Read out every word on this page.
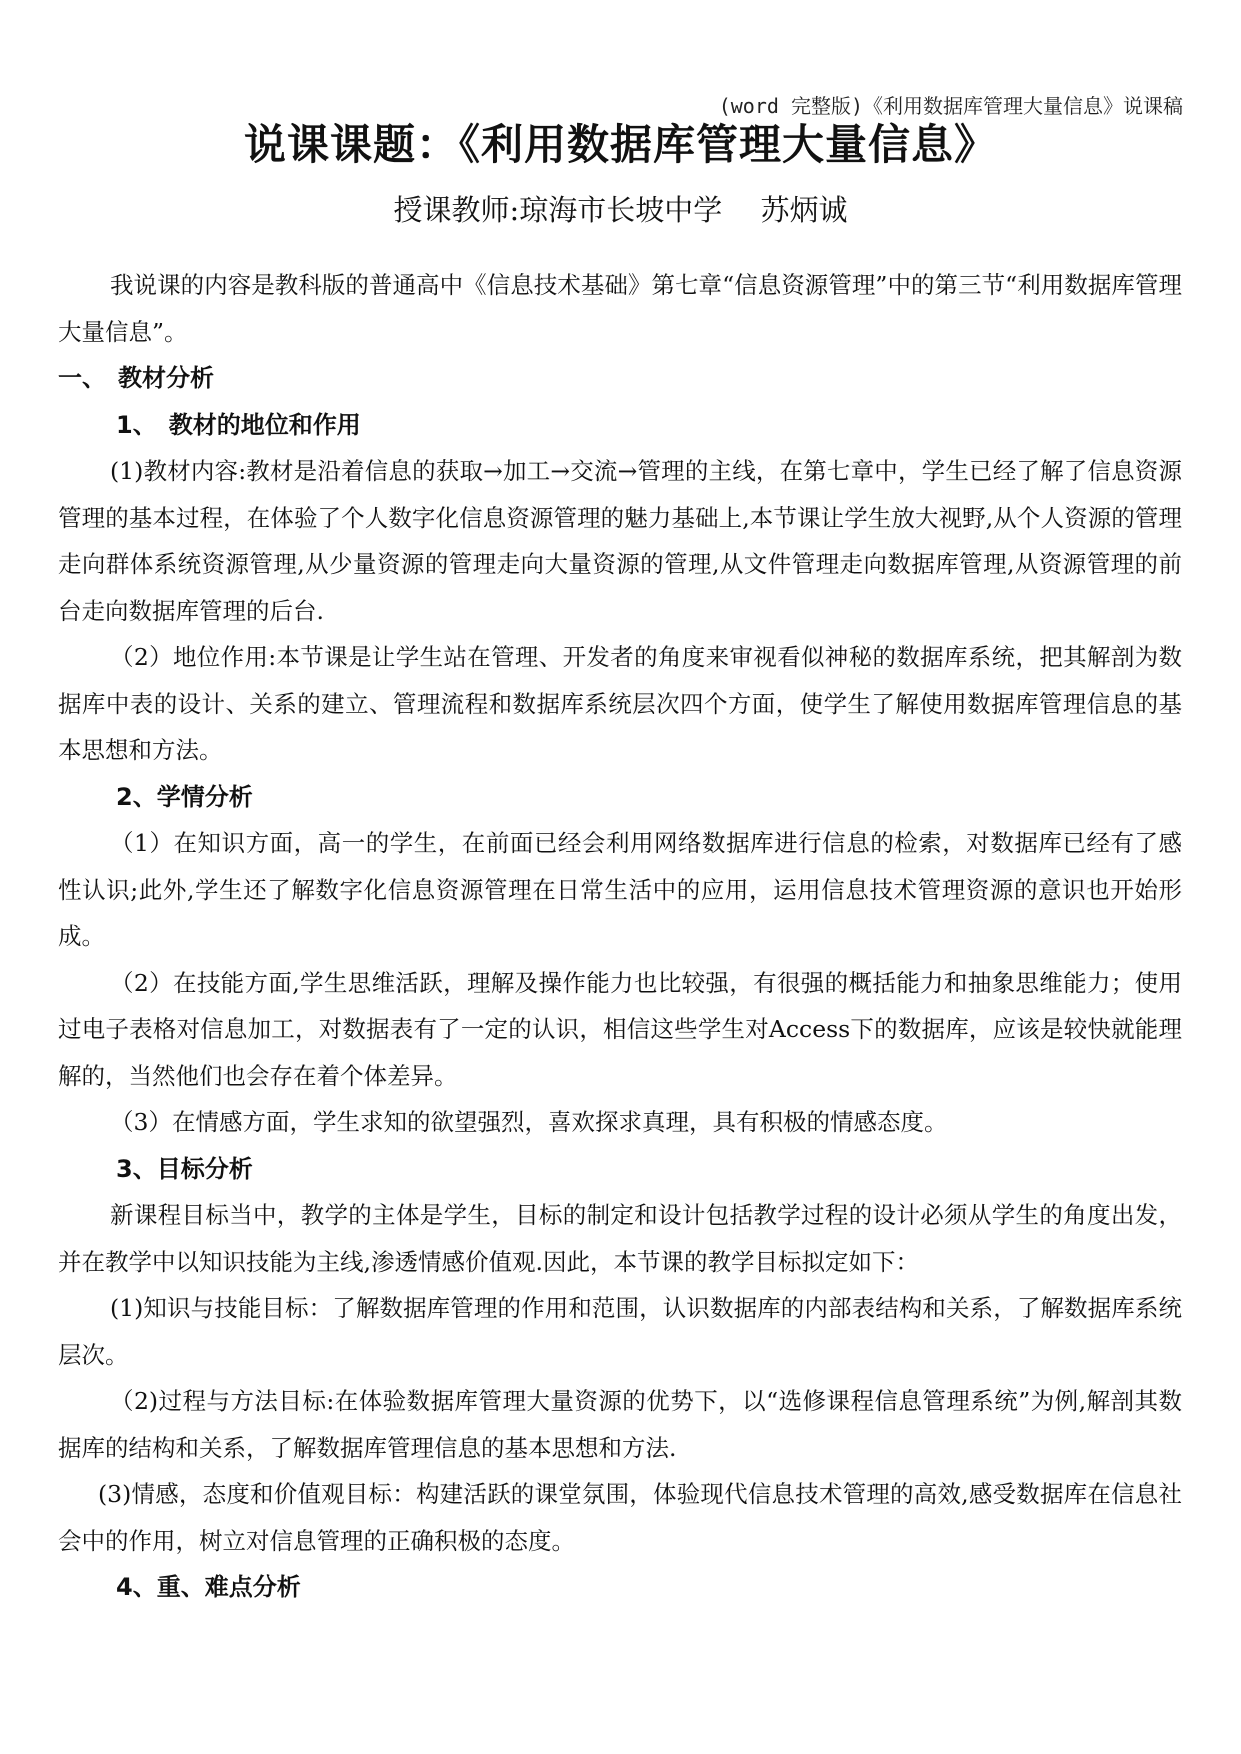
(word 完整版)《利用数据库管理大量信息》说课稿
说课课题：《利用数据库管理大量信息》
授课教师:琼海市长坡中学　 苏炳诚

我说课的内容是教科版的普通高中《信息技术基础》第七章“信息资源管理”中的第三节“利用数据库管理大量信息”。

一、　教材分析
1、　教材的地位和作用

(1)教材内容:教材是沿着信息的获取→加工→交流→管理的主线，在第七章中，学生已经了解了信息资源管理的基本过程，在体验了个人数字化信息资源管理的魅力基础上,本节课让学生放大视野,从个人资源的管理走向群体系统资源管理,从少量资源的管理走向大量资源的管理,从文件管理走向数据库管理,从资源管理的前台走向数据库管理的后台.

（2）地位作用:本节课是让学生站在管理、开发者的角度来审视看似神秘的数据库系统，把其解剖为数据库中表的设计、关系的建立、管理流程和数据库系统层次四个方面，使学生了解使用数据库管理信息的基本思想和方法。

2、学情分析

（1）在知识方面，高一的学生，在前面已经会利用网络数据库进行信息的检索，对数据库已经有了感性认识;此外,学生还了解数字化信息资源管理在日常生活中的应用，运用信息技术管理资源的意识也开始形成。

（2）在技能方面,学生思维活跃，理解及操作能力也比较强，有很强的概括能力和抽象思维能力；使用过电子表格对信息加工，对数据表有了一定的认识，相信这些学生对Access下的数据库，应该是较快就能理解的，当然他们也会存在着个体差异。

（3）在情感方面，学生求知的欲望强烈，喜欢探求真理，具有积极的情感态度。

3、目标分析

新课程目标当中，教学的主体是学生，目标的制定和设计包括教学过程的设计必须从学生的角度出发，并在教学中以知识技能为主线,渗透情感价值观.因此，本节课的教学目标拟定如下：

(1)知识与技能目标：了解数据库管理的作用和范围，认识数据库的内部表结构和关系，了解数据库系统层次。

（2)过程与方法目标:在体验数据库管理大量资源的优势下，以“选修课程信息管理系统”为例,解剖其数据库的结构和关系，了解数据库管理信息的基本思想和方法.

(3)情感，态度和价值观目标：构建活跃的课堂氛围，体验现代信息技术管理的高效,感受数据库在信息社会中的作用，树立对信息管理的正确积极的态度。

4、重、难点分析
